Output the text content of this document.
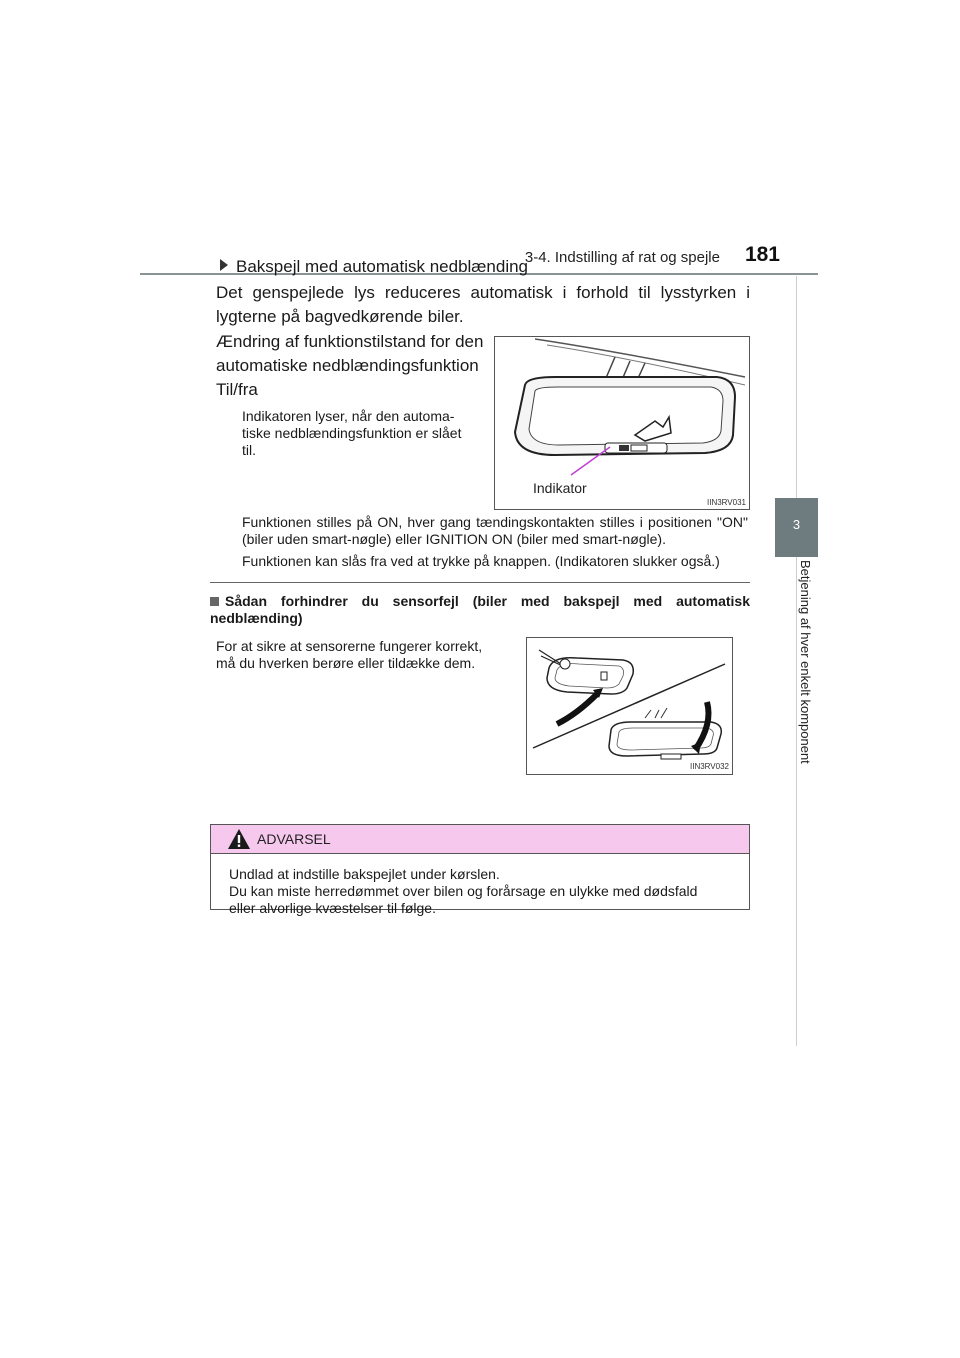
3-4. Indstilling af rat og spejle	181
3
Betjening af hver enkelt komponent
Bakspejl med automatisk nedblænding
Det genspejlede lys reduceres automatisk i forhold til lysstyrken i lygterne på bagvedkørende biler.
Ændring af funktionstilstand for den
automatiske nedblændingsfunktion
Til/fra
Indikatoren lyser, når den automa-
tiske nedblændingsfunktion er slået
til.
Indikator
IIN3RV031
Funktionen stilles på ON, hver gang tændingskontakten stilles i positionen "ON" (biler uden smart-nøgle) eller IGNITION ON (biler med smart-nøgle).
Funktionen kan slås fra ved at trykke på knappen. (Indikatoren slukker også.)
Sådan forhindrer du sensorfejl (biler med bakspejl med automatisk nedblænding)
For at sikre at sensorerne fungerer korrekt,
må du hverken berøre eller tildække dem.
IIN3RV032
ADVARSEL
Undlad at indstille bakspejlet under kørslen.
Du kan miste herredømmet over bilen og forårsage en ulykke med dødsfald
eller alvorlige kvæstelser til følge.
